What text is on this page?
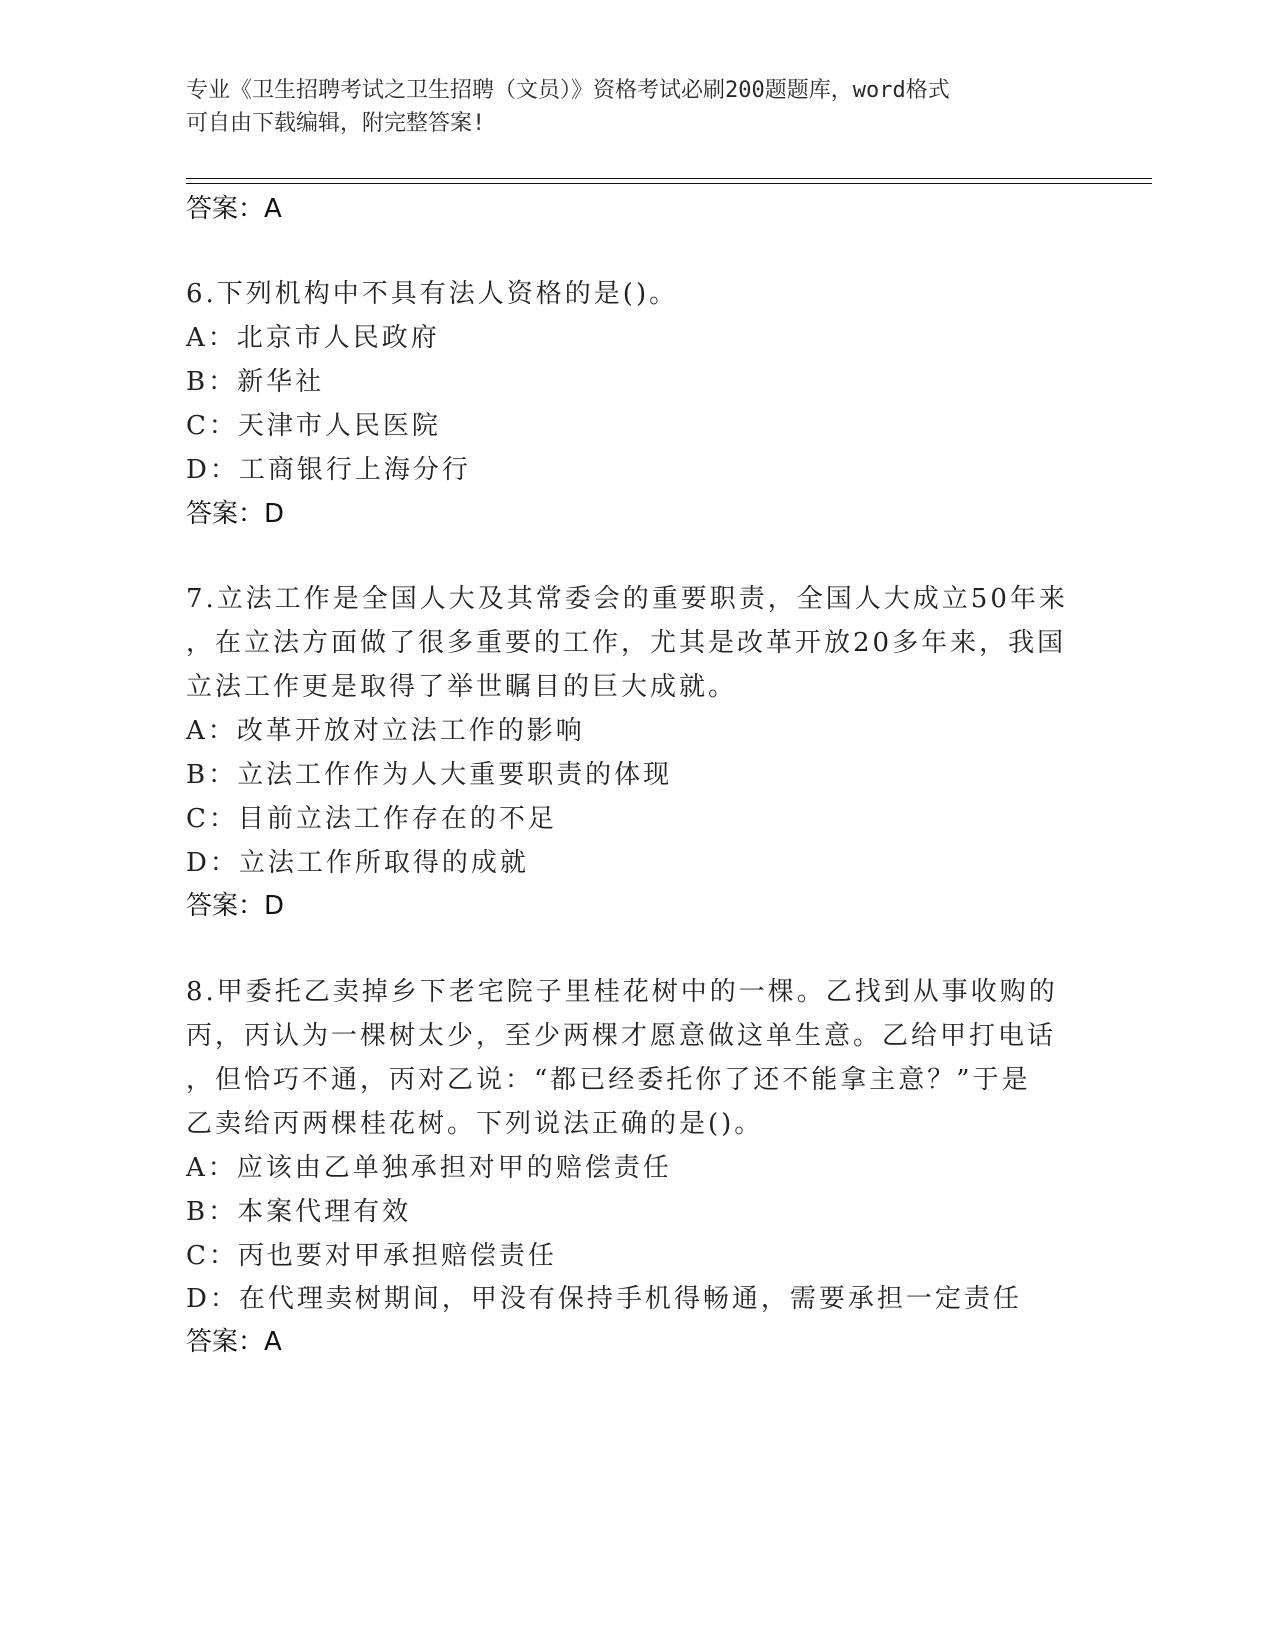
专业《卫生招聘考试之卫生招聘（文员）》资格考试必刷200题题库，word格式
可自由下载编辑，附完整答案!
答案：A
6.下列机构中不具有法人资格的是()。
A：北京市人民政府
B：新华社
C：天津市人民医院
D：工商银行上海分行
答案：D
7.立法工作是全国人大及其常委会的重要职责，全国人大成立50年来
，在立法方面做了很多重要的工作，尤其是改革开放20多年来，我国
立法工作更是取得了举世瞩目的巨大成就。
A：改革开放对立法工作的影响
B：立法工作作为人大重要职责的体现
C：目前立法工作存在的不足
D：立法工作所取得的成就
答案：D
8.甲委托乙卖掉乡下老宅院子里桂花树中的一棵。乙找到从事收购的
丙，丙认为一棵树太少，至少两棵才愿意做这单生意。乙给甲打电话
，但恰巧不通，丙对乙说：“都已经委托你了还不能拿主意？”于是
乙卖给丙两棵桂花树。下列说法正确的是()。
A：应该由乙单独承担对甲的赔偿责任
B：本案代理有效
C：丙也要对甲承担赔偿责任
D：在代理卖树期间，甲没有保持手机得畅通，需要承担一定责任
答案：A
